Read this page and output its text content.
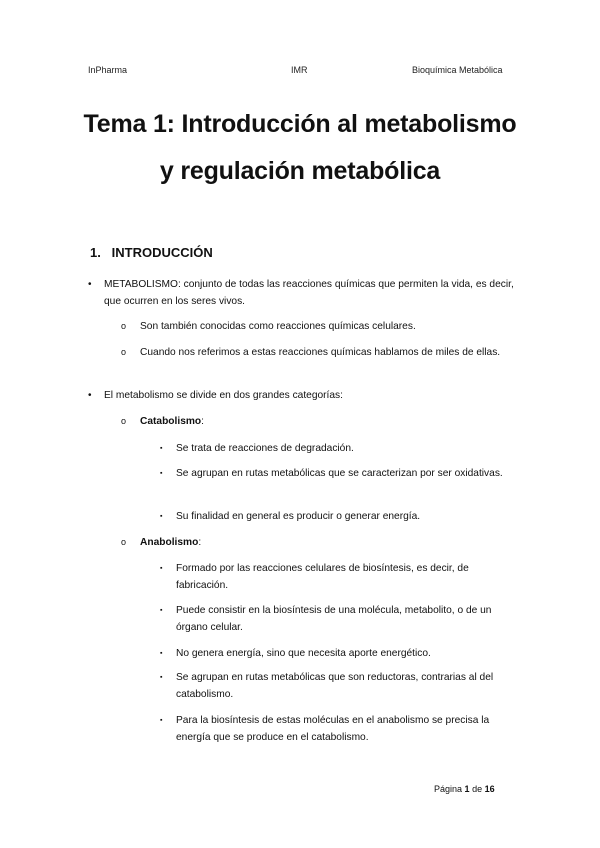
InPharma	IMR	Bioquímica Metabólica
Tema 1: Introducción al metabolismo
y regulación metabólica
1. INTRODUCCIÓN
• METABOLISMO: conjunto de todas las reacciones químicas que permiten la vida, es decir, que ocurren en los seres vivos.
o Son también conocidas como reacciones químicas celulares.
o Cuando nos referimos a estas reacciones químicas hablamos de miles de ellas.
• El metabolismo se divide en dos grandes categorías:
o Catabolismo:
▪ Se trata de reacciones de degradación.
▪ Se agrupan en rutas metabólicas que se caracterizan por ser oxidativas.
▪ Su finalidad en general es producir o generar energía.
o Anabolismo:
▪ Formado por las reacciones celulares de biosíntesis, es decir, de fabricación.
▪ Puede consistir en la biosíntesis de una molécula, metabolito, o de un órgano celular.
▪ No genera energía, sino que necesita aporte energético.
▪ Se agrupan en rutas metabólicas que son reductoras, contrarias al del catabolismo.
▪ Para la biosíntesis de estas moléculas en el anabolismo se precisa la energía que se produce en el catabolismo.
Página 1 de 16
